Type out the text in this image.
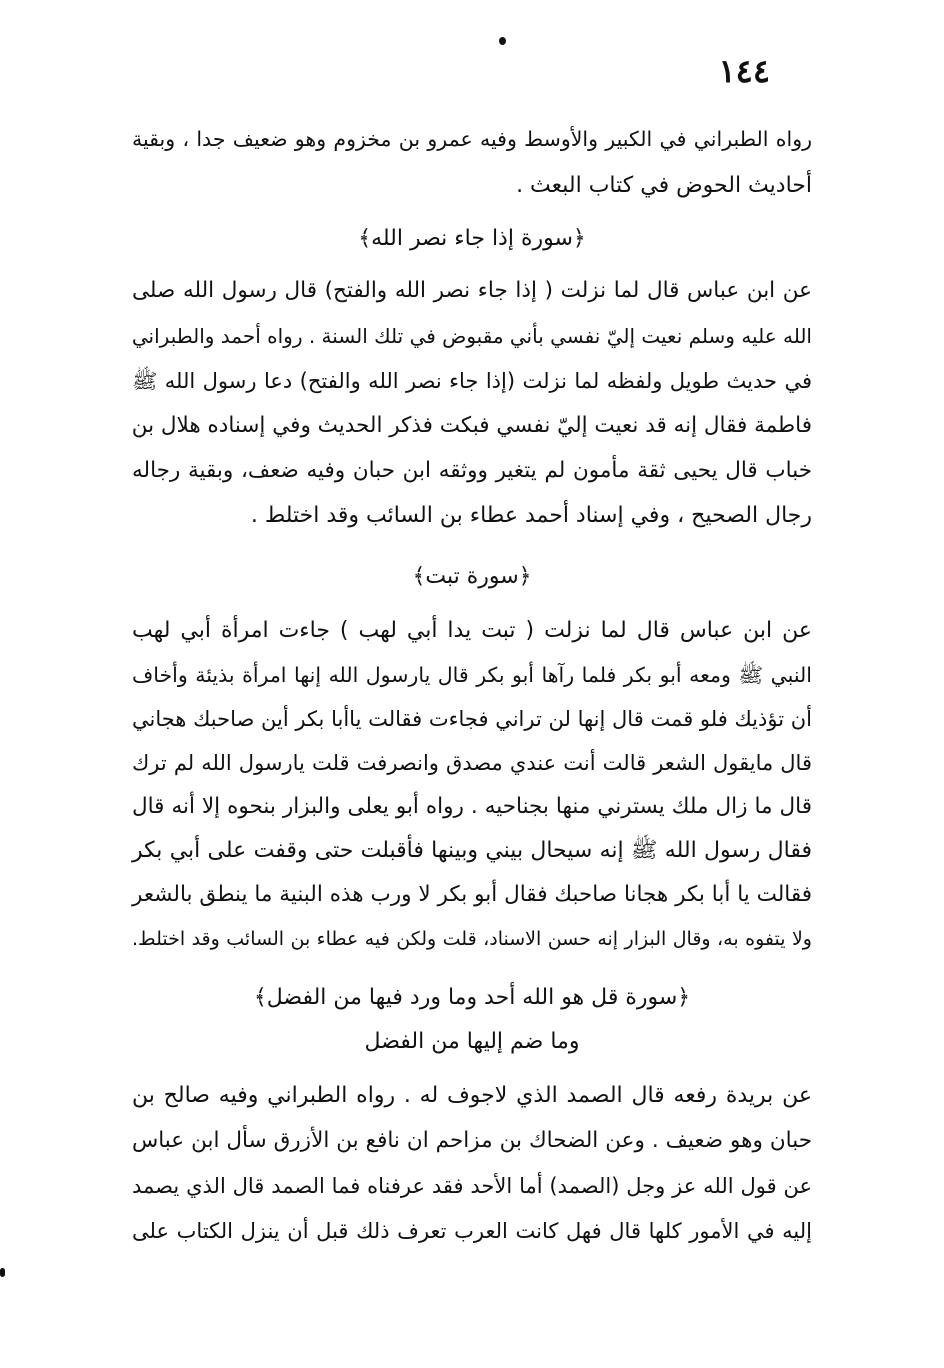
١٤٤
رواه الطبراني في الكبير والأوسط وفيه عمرو بن مخزوم وهو ضعيف جدا ، وبقية
أحاديث الحوض في كتاب البعث .
﴿سورة إذا جاء نصر الله﴾
عن ابن عباس قال لما نزلت ( إذا جاء نصر الله والفتح) قال رسول الله صلى
الله عليه وسلم نعيت إليّ نفسي بأني مقبوض في تلك السنة . رواه أحمد والطبراني
في حديث طويل ولفظه لما نزلت (إذا جاء نصر الله والفتح) دعا رسول الله ﷺ
فاطمة فقال إنه قد نعيت إليّ نفسي فبكت فذكر الحديث وفي إسناده هلال بن
خباب قال يحيى ثقة مأمون لم يتغير ووثقه ابن حبان وفيه ضعف، وبقية رجاله
رجال الصحيح ، وفي إسناد أحمد عطاء بن السائب وقد اختلط .
﴿سورة تبت﴾
عن ابن عباس قال لما نزلت ( تبت يدا أبي لهب ) جاءت امرأة أبي لهب
النبي ﷺ ومعه أبو بكر فلما رآها أبو بكر قال يارسول الله إنها امرأة بذيئة وأخاف
أن تؤذيك فلو قمت قال إنها لن تراني فجاءت فقالت ياأبا بكر أين صاحبك هجاني
قال مايقول الشعر قالت أنت عندي مصدق وانصرفت قلت يارسول الله لم ترك
قال ما زال ملك يسترني منها بجناحيه . رواه أبو يعلى والبزار بنحوه إلا أنه قال
فقال رسول الله ﷺ إنه سيحال بيني وبينها فأقبلت حتى وقفت على أبي بكر
فقالت يا أبا بكر هجانا صاحبك فقال أبو بكر لا ورب هذه البنية ما ينطق بالشعر
ولا يتفوه به، وقال البزار إنه حسن الاسناد، قلت ولكن فيه عطاء بن السائب وقد اختلط.
﴿سورة قل هو الله أحد وما ورد فيها من الفضل﴾
وما ضم إليها من الفضل
عن بريدة رفعه قال الصمد الذي لاجوف له . رواه الطبراني وفيه صالح بن
حبان وهو ضعيف . وعن الضحاك بن مزاحم ان نافع بن الأزرق سأل ابن عباس
عن قول الله عز وجل (الصمد) أما الأحد فقد عرفناه فما الصمد قال الذي يصمد
إليه في الأمور كلها قال فهل كانت العرب تعرف ذلك قبل أن ينزل الكتاب على
